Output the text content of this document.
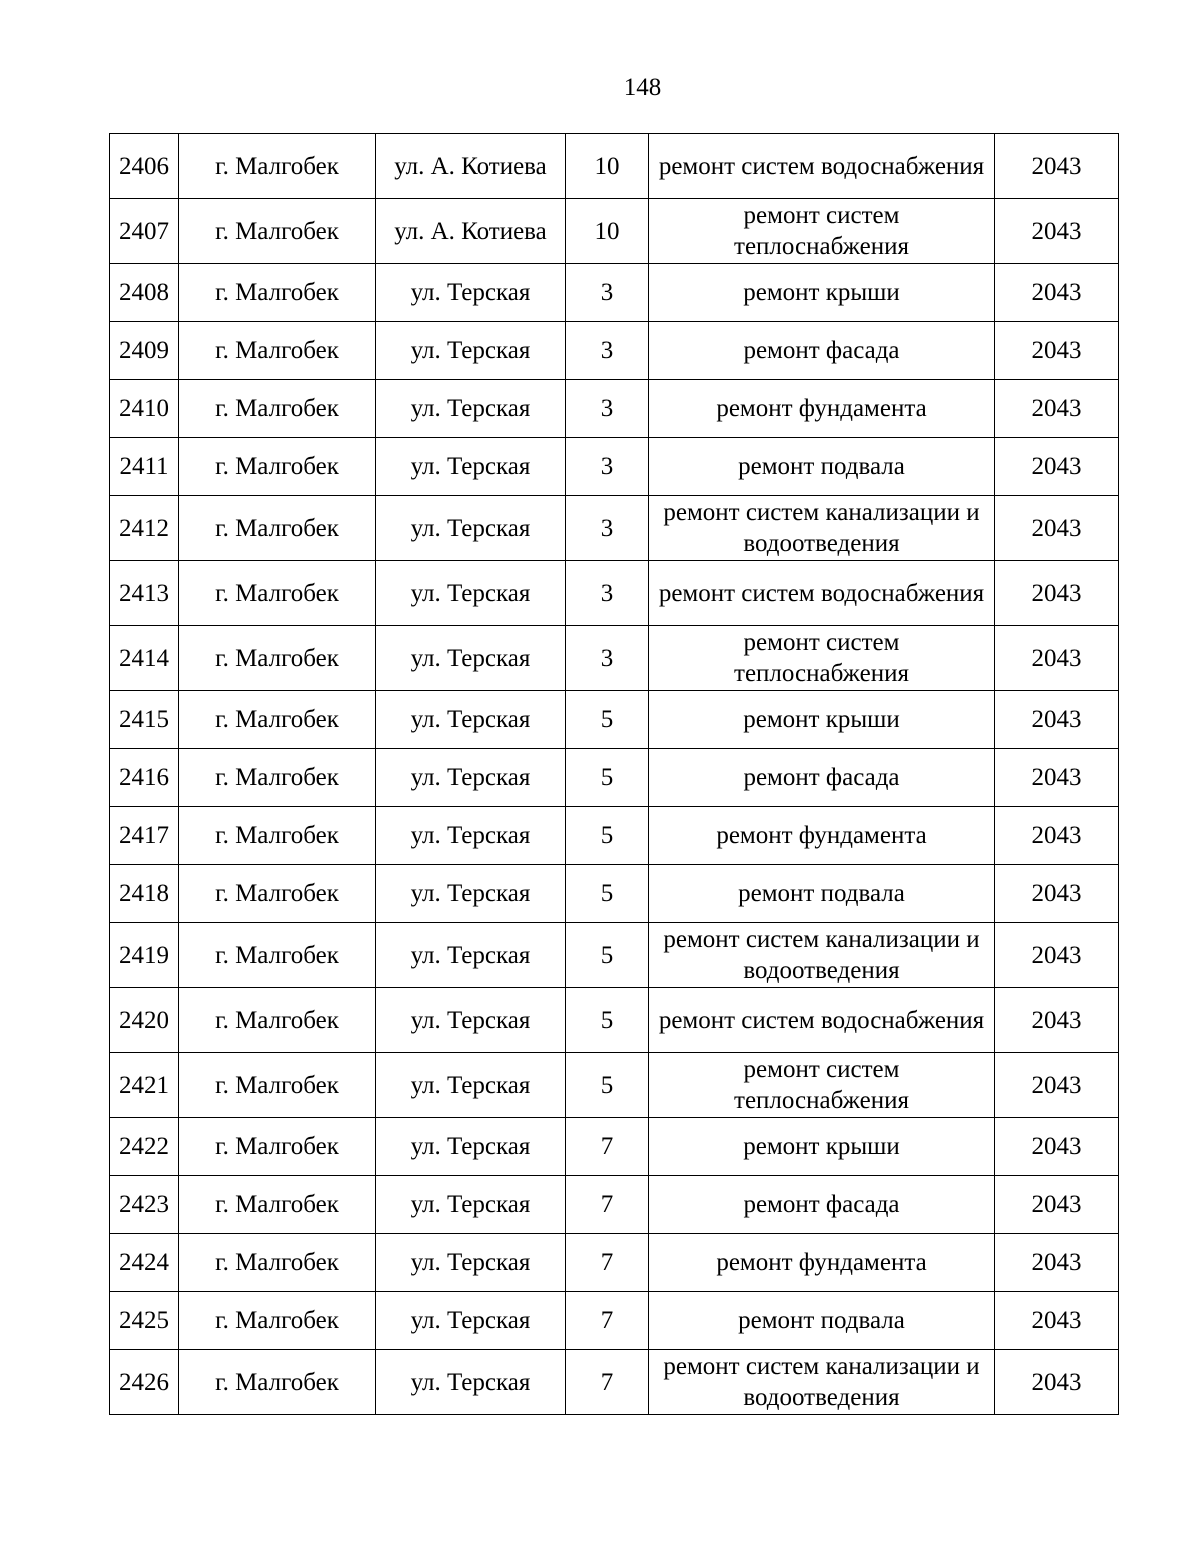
148
2406	г. Малгобек	ул. А. Котиева	10	ремонт систем водоснабжения	2043
2407	г. Малгобек	ул. А. Котиева	10	ремонт систем теплоснабжения	2043
2408	г. Малгобек	ул. Терская	3	ремонт крыши	2043
2409	г. Малгобек	ул. Терская	3	ремонт фасада	2043
2410	г. Малгобек	ул. Терская	3	ремонт фундамента	2043
2411	г. Малгобек	ул. Терская	3	ремонт подвала	2043
2412	г. Малгобек	ул. Терская	3	ремонт систем канализации и водоотведения	2043
2413	г. Малгобек	ул. Терская	3	ремонт систем водоснабжения	2043
2414	г. Малгобек	ул. Терская	3	ремонт систем теплоснабжения	2043
2415	г. Малгобек	ул. Терская	5	ремонт крыши	2043
2416	г. Малгобек	ул. Терская	5	ремонт фасада	2043
2417	г. Малгобек	ул. Терская	5	ремонт фундамента	2043
2418	г. Малгобек	ул. Терская	5	ремонт подвала	2043
2419	г. Малгобек	ул. Терская	5	ремонт систем канализации и водоотведения	2043
2420	г. Малгобек	ул. Терская	5	ремонт систем водоснабжения	2043
2421	г. Малгобек	ул. Терская	5	ремонт систем теплоснабжения	2043
2422	г. Малгобек	ул. Терская	7	ремонт крыши	2043
2423	г. Малгобек	ул. Терская	7	ремонт фасада	2043
2424	г. Малгобек	ул. Терская	7	ремонт фундамента	2043
2425	г. Малгобек	ул. Терская	7	ремонт подвала	2043
2426	г. Малгобек	ул. Терская	7	ремонт систем канализации и водоотведения	2043
